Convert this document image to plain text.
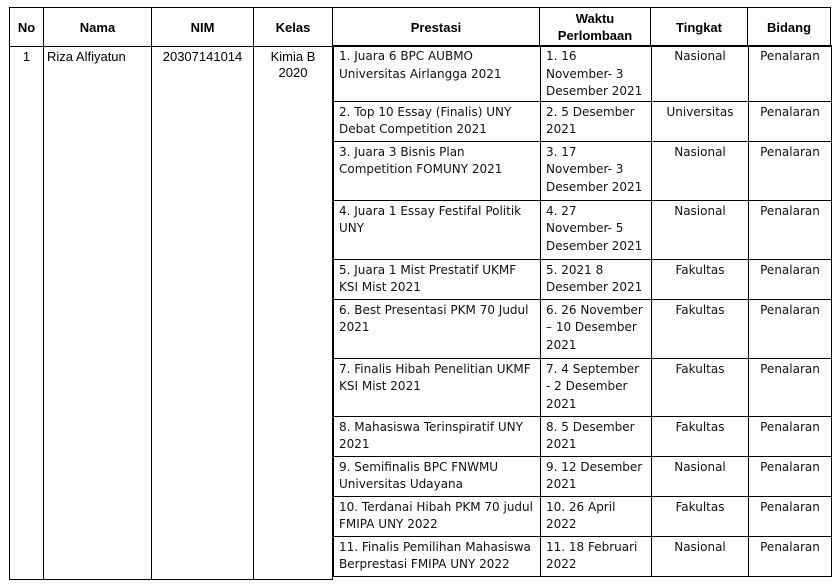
No	Nama	NIM	Kelas	Prestasi	Waktu Perlombaan	Tingkat	Bidang
1	Riza Alfiyatun	20307141014	Kimia B 2020
1. Juara 6 BPC AUBMO Universitas Airlangga 2021	1. 16 November- 3 Desember 2021	Nasional	Penalaran
2. Top 10 Essay (Finalis) UNY Debat Competition 2021	2. 5 Desember 2021	Universitas	Penalaran
3. Juara 3 Bisnis Plan Competition FOMUNY 2021	3. 17 November- 3 Desember 2021	Nasional	Penalaran
4. Juara 1 Essay Festifal Politik UNY	4. 27 November- 5 Desember 2021	Nasional	Penalaran
5. Juara 1 Mist Prestatif UKMF KSI Mist 2021	5. 2021 8 Desember 2021	Fakultas	Penalaran
6. Best Presentasi PKM 70 Judul 2021	6. 26 November – 10 Desember 2021	Fakultas	Penalaran
7. Finalis Hibah Penelitian UKMF KSI Mist 2021	7. 4 September - 2 Desember 2021	Fakultas	Penalaran
8. Mahasiswa Terinspiratif UNY 2021	8. 5 Desember 2021	Fakultas	Penalaran
9. Semifinalis BPC FNWMU Universitas Udayana	9. 12 Desember 2021	Nasional	Penalaran
10. Terdanai Hibah PKM 70 judul FMIPA UNY 2022	10. 26 April 2022	Fakultas	Penalaran
11. Finalis Pemilihan Mahasiswa Berprestasi FMIPA UNY 2022	11. 18 Februari 2022	Nasional	Penalaran
